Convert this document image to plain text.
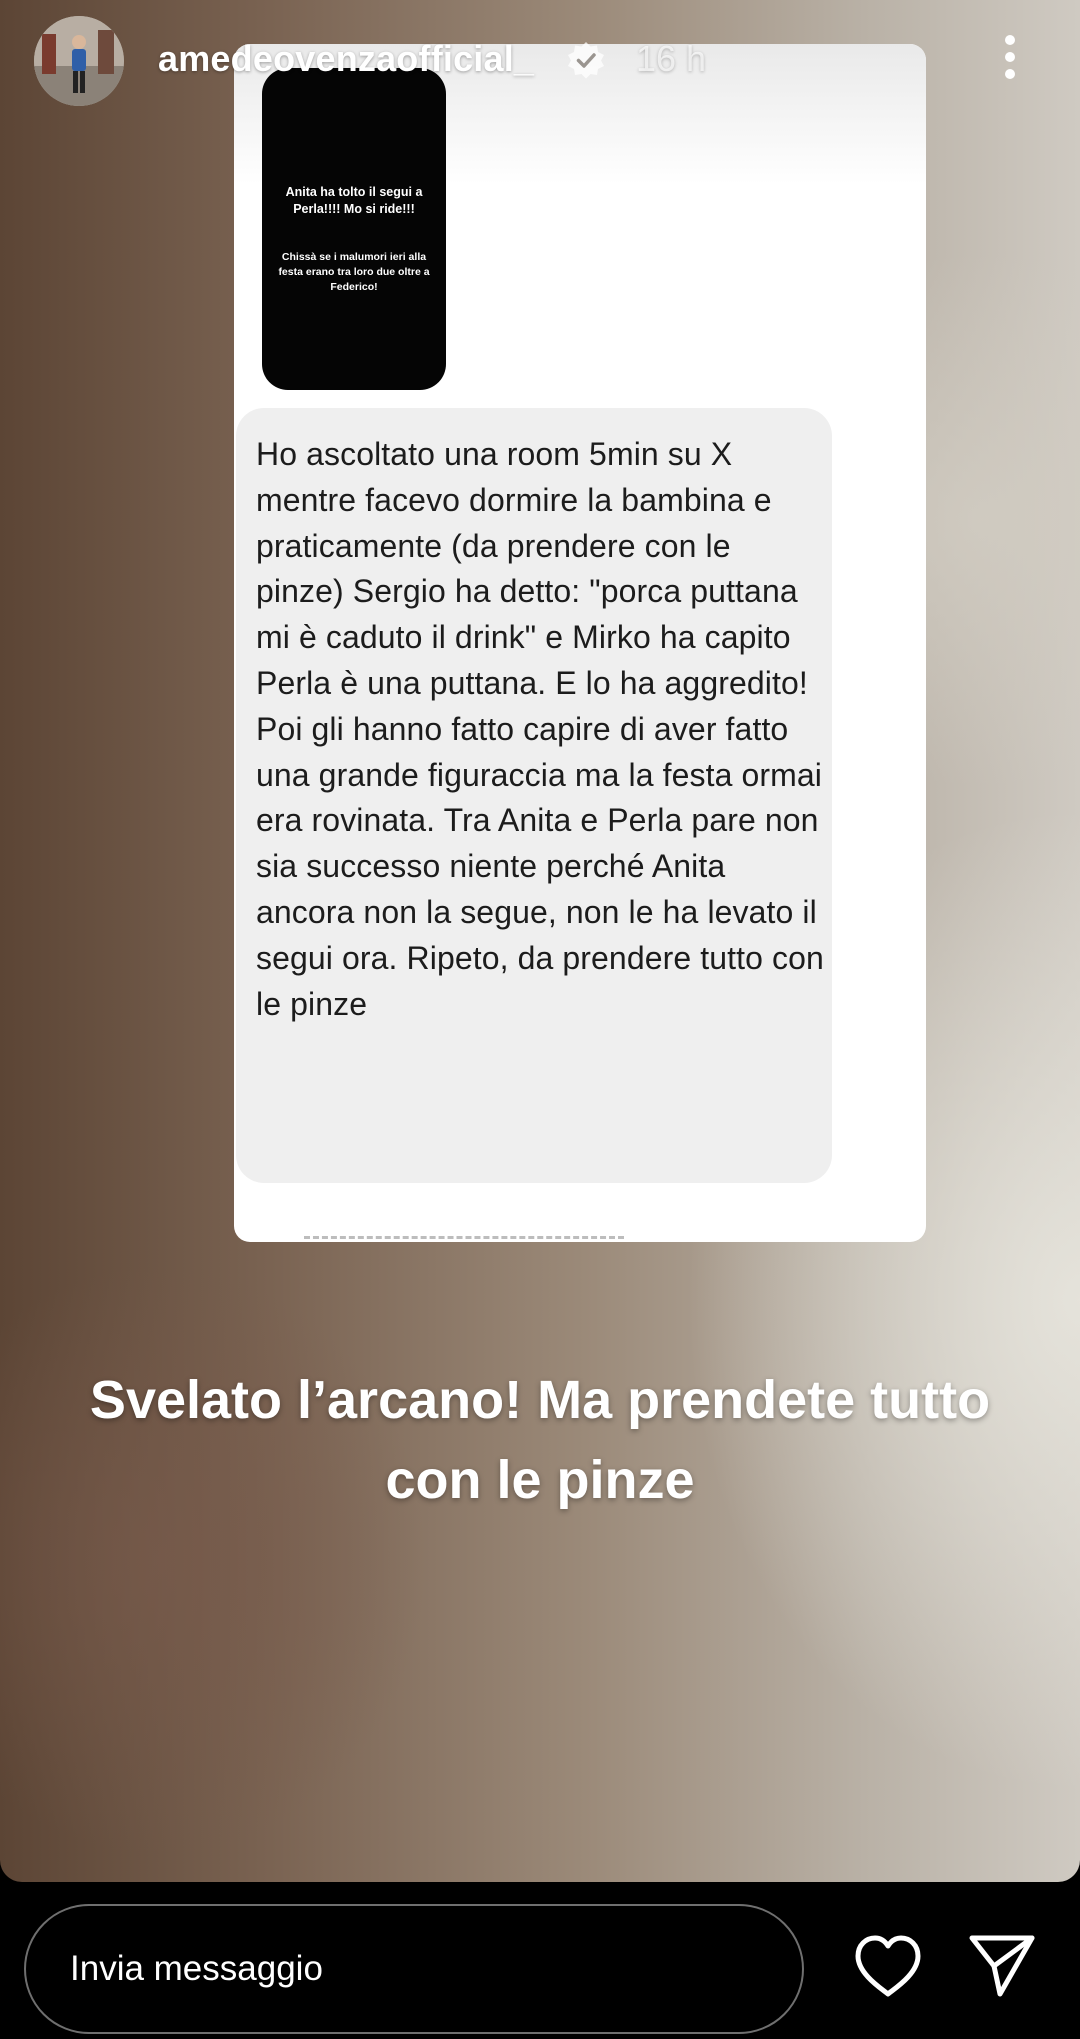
amedeovenzaofficial_	16 h
Anita ha tolto il segui a Perla!!!! Mo si ride!!!
Chissà se i malumori ieri alla festa erano tra loro due oltre a Federico!
Ho ascoltato una room 5min su X mentre facevo dormire la bambina e praticamente (da prendere con le pinze) Sergio ha detto: "porca puttana mi è caduto il drink" e Mirko ha capito Perla è una puttana. E lo ha aggredito! Poi gli hanno fatto capire di aver fatto una grande figuraccia ma la festa ormai era rovinata. Tra Anita e Perla pare non sia successo niente perché Anita ancora non la segue, non le ha levato il segui ora. Ripeto, da prendere tutto con le pinze
Svelato l’arcano! Ma prendete tutto con le pinze
Invia messaggio
